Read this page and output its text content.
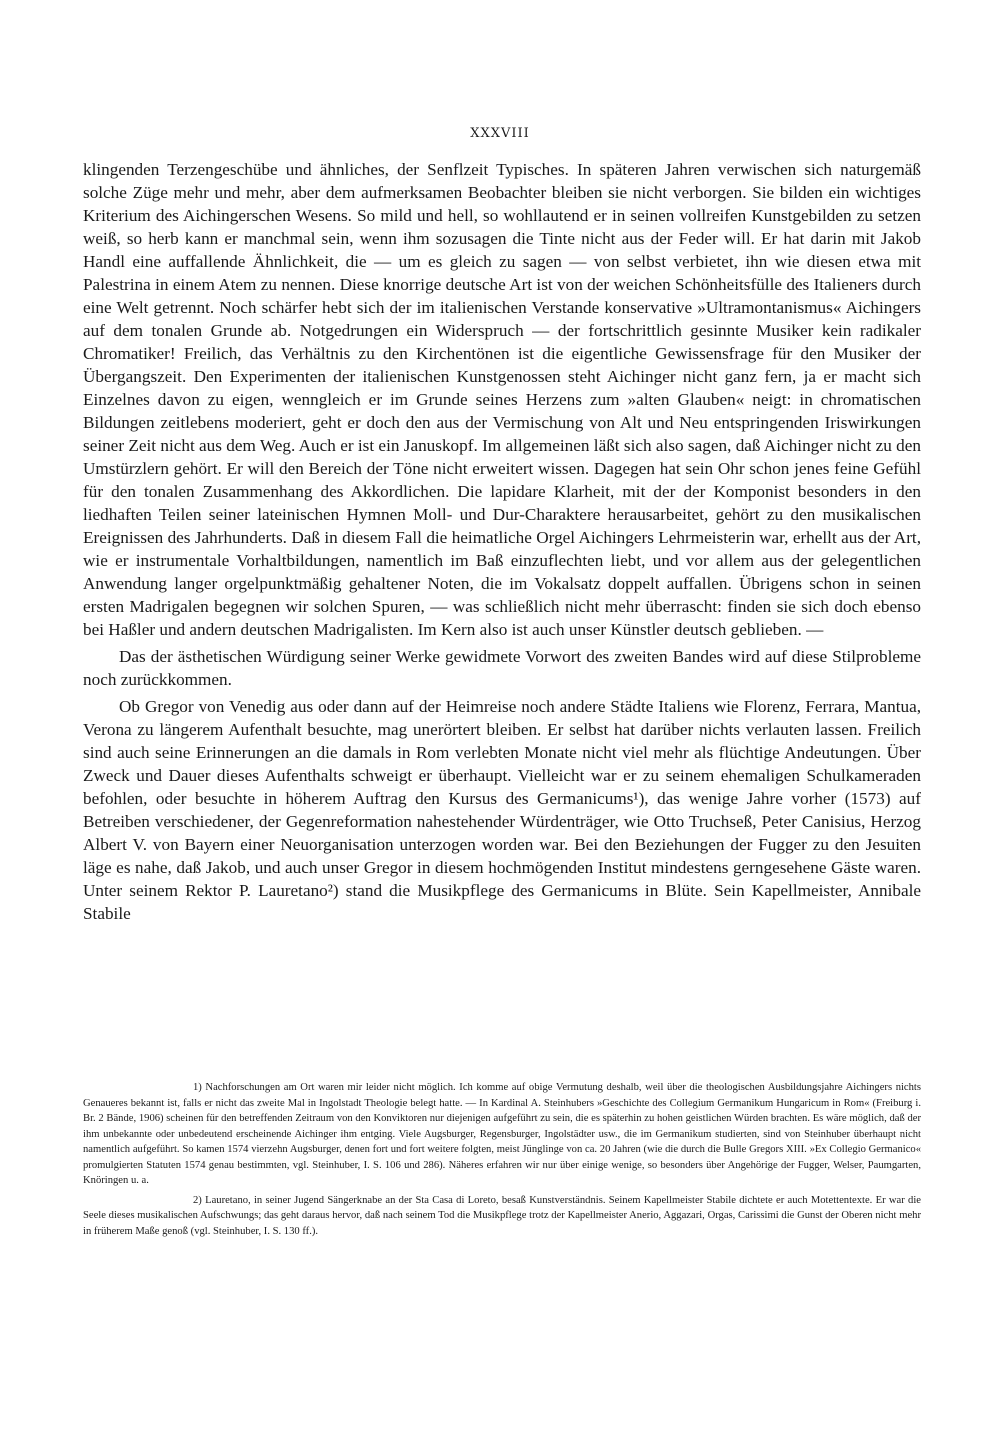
XXXVIII

klingenden Terzengeschübe und ähnliches, der Senflzeit Typisches. In späteren Jahren verwischen sich naturgemäß solche Züge mehr und mehr, aber dem aufmerksamen Beobachter bleiben sie nicht verborgen. Sie bilden ein wichtiges Kriterium des Aichingerschen Wesens. So mild und hell, so wohllautend er in seinen vollreifen Kunstgebilden zu setzen weiß, so herb kann er manchmal sein, wenn ihm sozusagen die Tinte nicht aus der Feder will. Er hat darin mit Jakob Handl eine auffallende Ähnlichkeit, die — um es gleich zu sagen — von selbst verbietet, ihn wie diesen etwa mit Palestrina in einem Atem zu nennen. Diese knorrige deutsche Art ist von der weichen Schönheitsfülle des Italieners durch eine Welt getrennt. Noch schärfer hebt sich der im italienischen Verstande konservative »Ultramontanismus« Aichingers auf dem tonalen Grunde ab. Notgedrungen ein Widerspruch — der fortschrittlich gesinnte Musiker kein radikaler Chromatiker! Freilich, das Verhältnis zu den Kirchentönen ist die eigentliche Gewissensfrage für den Musiker der Übergangszeit. Den Experimenten der italienischen Kunstgenossen steht Aichinger nicht ganz fern, ja er macht sich Einzelnes davon zu eigen, wenngleich er im Grunde seines Herzens zum »alten Glauben« neigt: in chromatischen Bildungen zeitlebens moderiert, geht er doch den aus der Vermischung von Alt und Neu entspringenden Iriswirkungen seiner Zeit nicht aus dem Weg. Auch er ist ein Januskopf. Im allgemeinen läßt sich also sagen, daß Aichinger nicht zu den Umstürzlern gehört. Er will den Bereich der Töne nicht erweitert wissen. Dagegen hat sein Ohr schon jenes feine Gefühl für den tonalen Zusammenhang des Akkordlichen. Die lapidare Klarheit, mit der der Komponist besonders in den liedhaften Teilen seiner lateinischen Hymnen Moll- und Dur-Charaktere herausarbeitet, gehört zu den musikalischen Ereignissen des Jahrhunderts. Daß in diesem Fall die heimatliche Orgel Aichingers Lehrmeisterin war, erhellt aus der Art, wie er instrumentale Vorhaltbildungen, namentlich im Baß einzuflechten liebt, und vor allem aus der gelegentlichen Anwendung langer orgelpunktmäßig gehaltener Noten, die im Vokalsatz doppelt auffallen. Übrigens schon in seinen ersten Madrigalen begegnen wir solchen Spuren, — was schließlich nicht mehr überrascht: finden sie sich doch ebenso bei Haßler und andern deutschen Madrigalisten. Im Kern also ist auch unser Künstler deutsch geblieben. —

Das der ästhetischen Würdigung seiner Werke gewidmete Vorwort des zweiten Bandes wird auf diese Stilprobleme noch zurückkommen.

Ob Gregor von Venedig aus oder dann auf der Heimreise noch andere Städte Italiens wie Florenz, Ferrara, Mantua, Verona zu längerem Aufenthalt besuchte, mag unerörtert bleiben. Er selbst hat darüber nichts verlauten lassen. Freilich sind auch seine Erinnerungen an die damals in Rom verlebten Monate nicht viel mehr als flüchtige Andeutungen. Über Zweck und Dauer dieses Aufenthalts schweigt er überhaupt. Vielleicht war er zu seinem ehemaligen Schulkameraden befohlen, oder besuchte in höherem Auftrag den Kursus des Germanicums¹), das wenige Jahre vorher (1573) auf Betreiben verschiedener, der Gegenreformation nahestehender Würdenträger, wie Otto Truchseß, Peter Canisius, Herzog Albert V. von Bayern einer Neuorganisation unterzogen worden war. Bei den Beziehungen der Fugger zu den Jesuiten läge es nahe, daß Jakob, und auch unser Gregor in diesem hochmögenden Institut mindestens gerngesehene Gäste waren. Unter seinem Rektor P. Lauretano²) stand die Musikpflege des Germanicums in Blüte. Sein Kapellmeister, Annibale Stabile

1) Nachforschungen am Ort waren mir leider nicht möglich. Ich komme auf obige Vermutung deshalb, weil über die theologischen Ausbildungsjahre Aichingers nichts Genaueres bekannt ist, falls er nicht das zweite Mal in Ingolstadt Theologie belegt hatte. — In Kardinal A. Steinhubers »Geschichte des Collegium Germanikum Hungaricum in Rom« (Freiburg i. Br. 2 Bände, 1906) scheinen für den betreffenden Zeitraum von den Konviktoren nur diejenigen aufgeführt zu sein, die es späterhin zu hohen geistlichen Würden brachten. Es wäre möglich, daß der ihm unbekannte oder unbedeutend erscheinende Aichinger ihm entging. Viele Augsburger, Regensburger, Ingolstädter usw., die im Germanikum studierten, sind von Steinhuber überhaupt nicht namentlich aufgeführt. So kamen 1574 vierzehn Augsburger, denen fort und fort weitere folgten, meist Jünglinge von ca. 20 Jahren (wie die durch die Bulle Gregors XIII. »Ex Collegio Germanico« promulgierten Statuten 1574 genau bestimmten, vgl. Steinhuber, I. S. 106 und 286). Näheres erfahren wir nur über einige wenige, so besonders über Angehörige der Fugger, Welser, Paumgarten, Knöringen u. a.

2) Lauretano, in seiner Jugend Sängerknabe an der Sta Casa di Loreto, besaß Kunstverständnis. Seinem Kapellmeister Stabile dichtete er auch Motettentexte. Er war die Seele dieses musikalischen Aufschwungs; das geht daraus hervor, daß nach seinem Tod die Musikpflege trotz der Kapellmeister Anerio, Aggazari, Orgas, Carissimi die Gunst der Oberen nicht mehr in früherem Maße genoß (vgl. Steinhuber, I. S. 130 ff.).
